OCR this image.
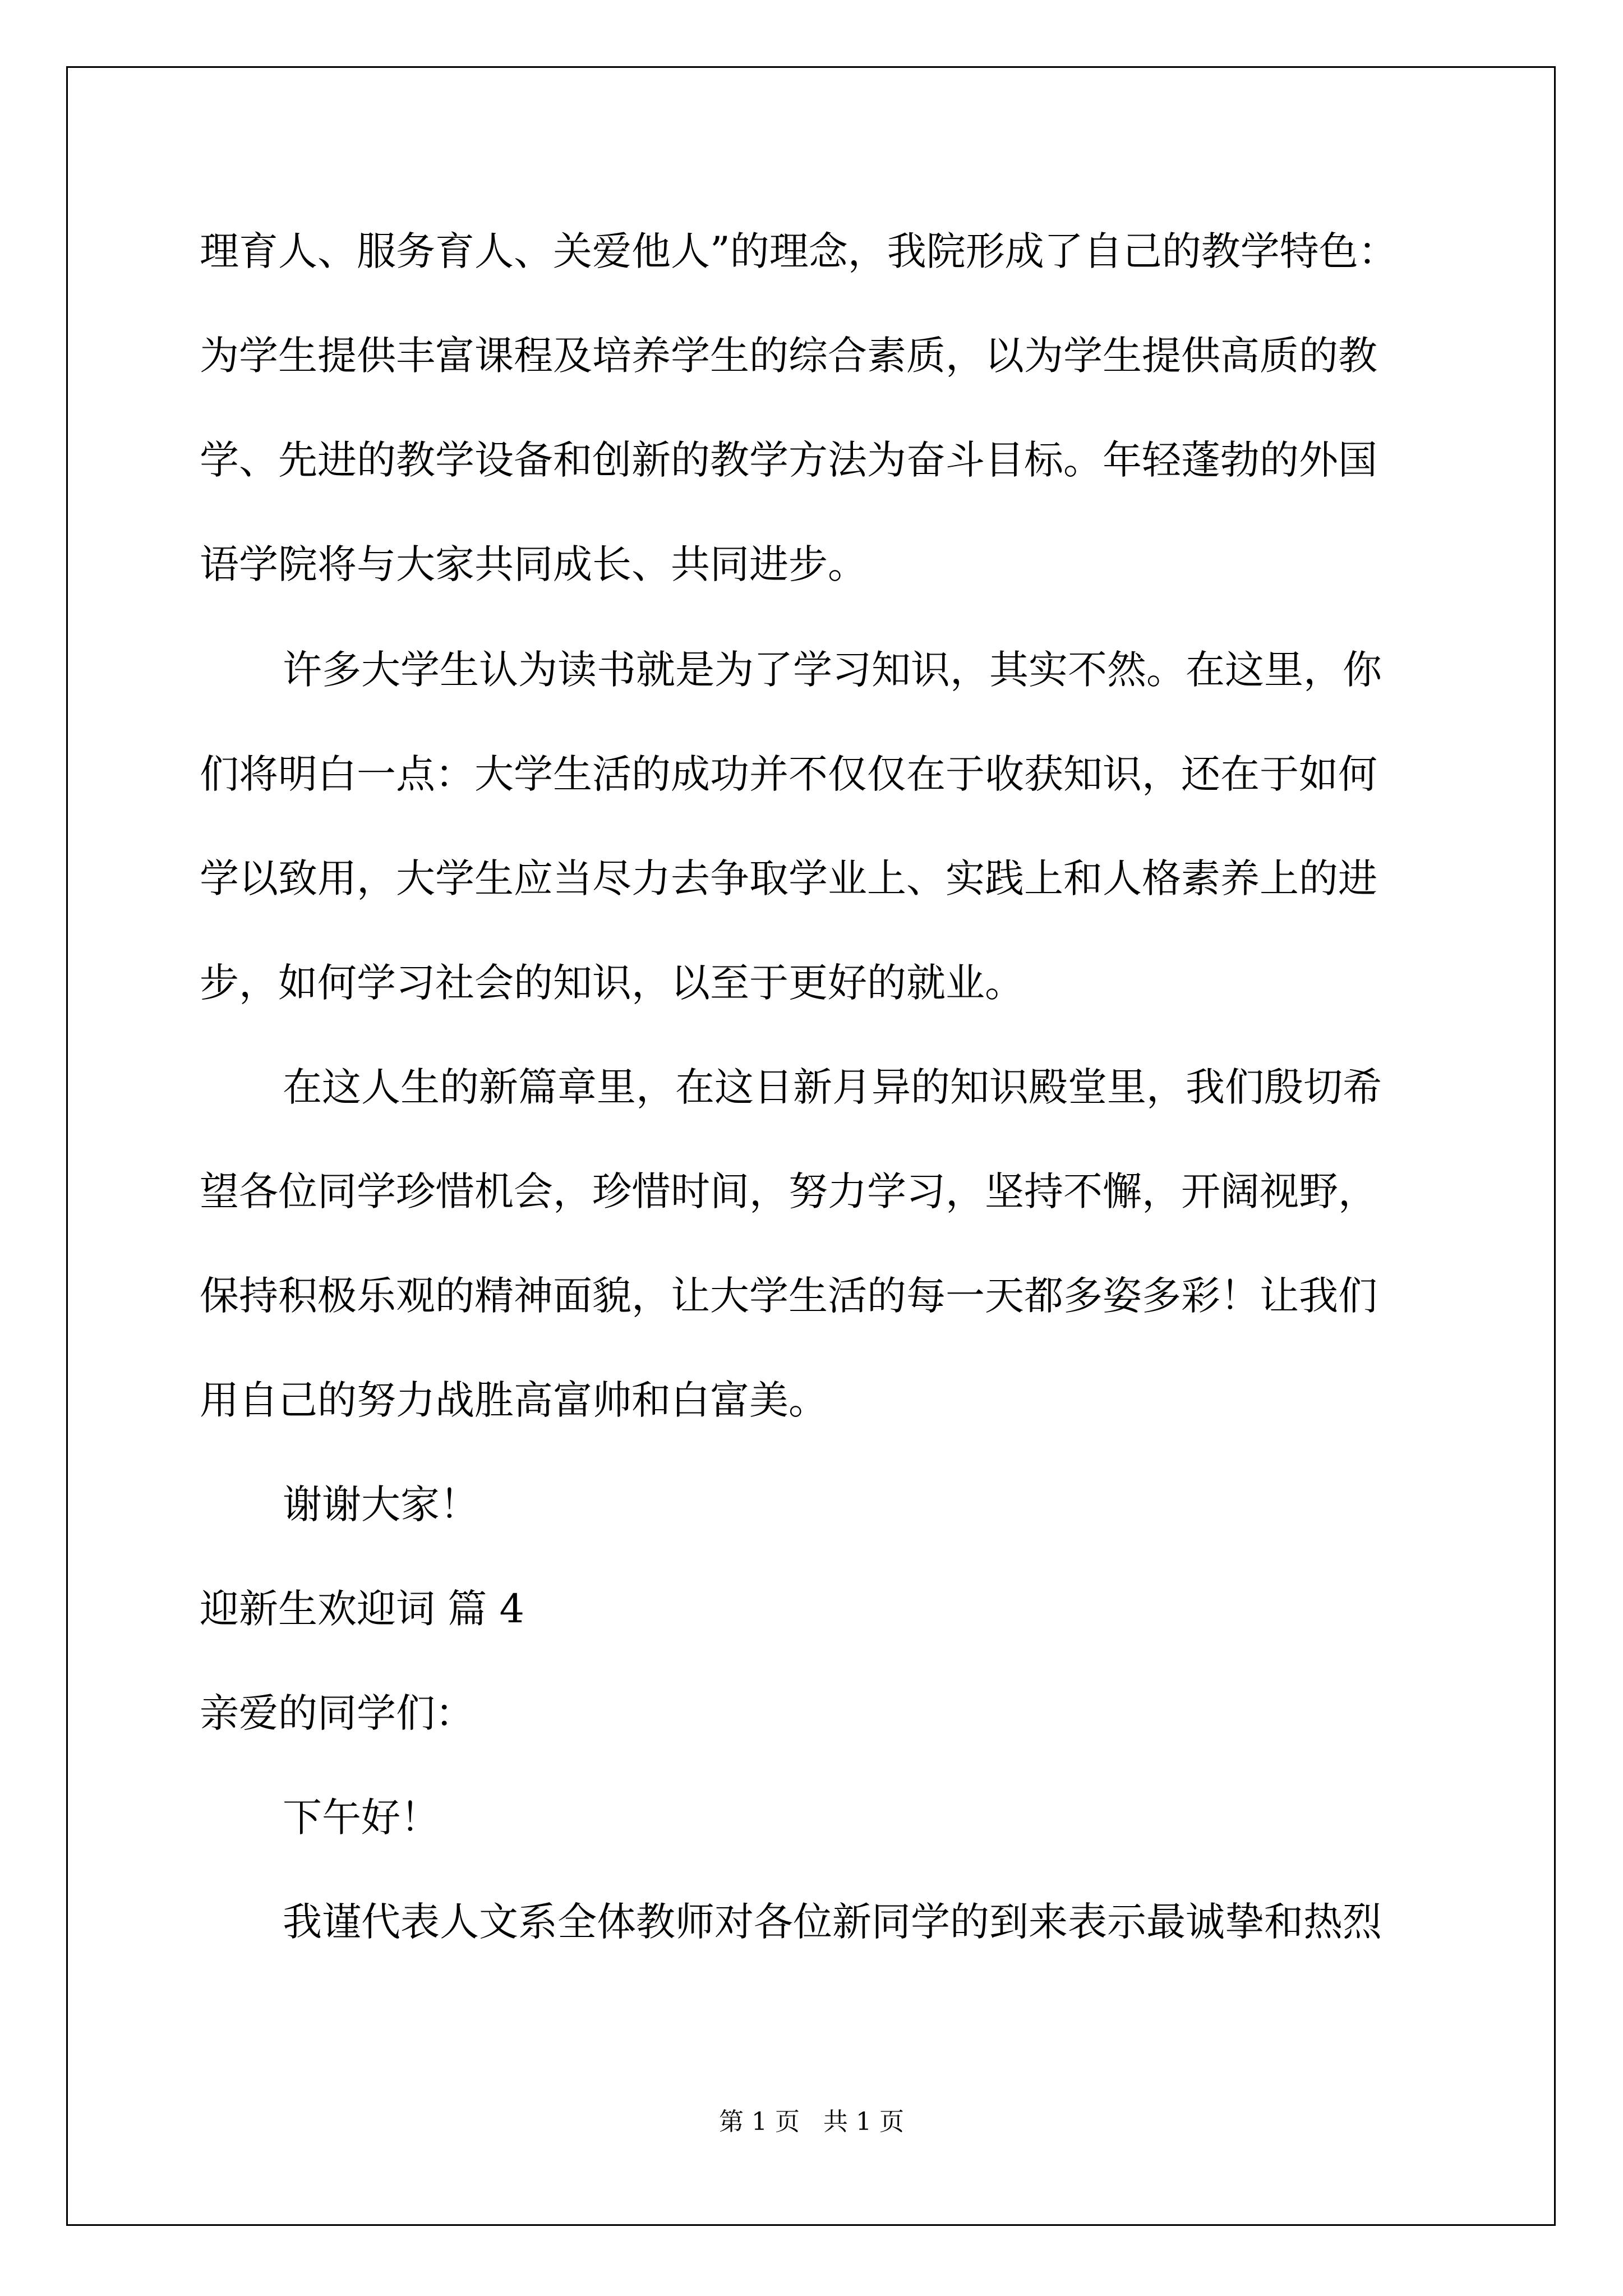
理育人、服务育人、关爱他人”的理念，我院形成了自己的教学特色：
为学生提供丰富课程及培养学生的综合素质，以为学生提供高质的教
学、先进的教学设备和创新的教学方法为奋斗目标。年轻蓬勃的外国
语学院将与大家共同成长、共同进步。
许多大学生认为读书就是为了学习知识，其实不然。在这里，你
们将明白一点：大学生活的成功并不仅仅在于收获知识，还在于如何
学以致用，大学生应当尽力去争取学业上、实践上和人格素养上的进
步，如何学习社会的知识，以至于更好的就业。
在这人生的新篇章里，在这日新月异的知识殿堂里，我们殷切希
望各位同学珍惜机会，珍惜时间，努力学习，坚持不懈，开阔视野，
保持积极乐观的精神面貌，让大学生活的每一天都多姿多彩！让我们
用自己的努力战胜高富帅和白富美。
谢谢大家！
迎新生欢迎词 篇 4
亲爱的同学们：
下午好！
我谨代表人文系全体教师对各位新同学的到来表示最诚挚和热烈
第 1 页   共 1 页
